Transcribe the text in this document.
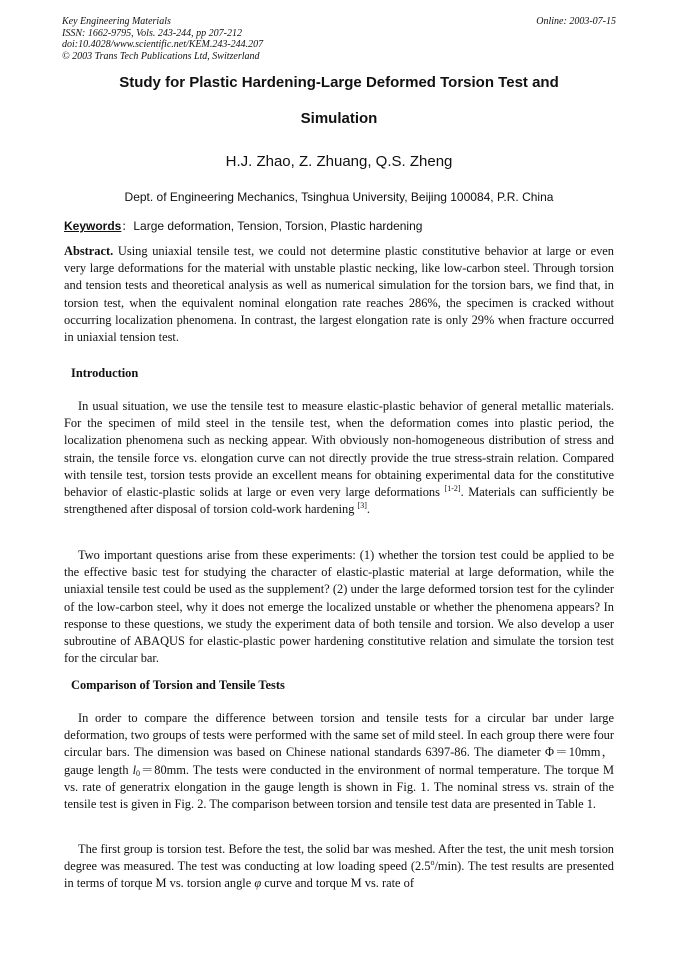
Key Engineering Materials
ISSN: 1662-9795, Vols. 243-244, pp 207-212
doi:10.4028/www.scientific.net/KEM.243-244.207
© 2003 Trans Tech Publications Ltd, Switzerland
Online: 2003-07-15
Study for Plastic Hardening-Large Deformed Torsion Test and
Simulation
H.J. Zhao, Z. Zhuang, Q.S. Zheng
Dept. of Engineering Mechanics, Tsinghua University, Beijing 100084, P.R. China
Keywords：Large deformation, Tension, Torsion, Plastic hardening
Abstract. Using uniaxial tensile test, we could not determine plastic constitutive behavior at large or even very large deformations for the material with unstable plastic necking, like low-carbon steel. Through torsion and tension tests and theoretical analysis as well as numerical simulation for the torsion bars, we find that, in torsion test, when the equivalent nominal elongation rate reaches 286%, the specimen is cracked without occurring localization phenomena. In contrast, the largest elongation rate is only 29% when fracture occurred in uniaxial tension test.
Introduction
In usual situation, we use the tensile test to measure elastic-plastic behavior of general metallic materials. For the specimen of mild steel in the tensile test, when the deformation comes into plastic period, the localization phenomena such as necking appear. With obviously non-homogeneous distribution of stress and strain, the tensile force vs. elongation curve can not directly provide the true stress-strain relation. Compared with tensile test, torsion tests provide an excellent means for obtaining experimental data for the constitutive behavior of elastic-plastic solids at large or even very large deformations [1-2]. Materials can sufficiently be strengthened after disposal of torsion cold-work hardening [3].
Two important questions arise from these experiments: (1) whether the torsion test could be applied to be the effective basic test for studying the character of elastic-plastic material at large deformation, while the uniaxial tensile test could be used as the supplement? (2) under the large deformed torsion test for the cylinder of the low-carbon steel, why it does not emerge the localized unstable or whether the phenomena appears? In response to these questions, we study the experiment data of both tensile and torsion. We also develop a user subroutine of ABAQUS for elastic-plastic power hardening constitutive relation and simulate the torsion test for the circular bar.
Comparison of Torsion and Tensile Tests
In order to compare the difference between torsion and tensile tests for a circular bar under large deformation, two groups of tests were performed with the same set of mild steel. In each group there were four circular bars. The dimension was based on Chinese national standards 6397-86. The diameter Φ＝10mm，gauge length $l_0=80mm$. The tests were conducted in the environment of normal temperature. The torque M vs. rate of generatrix elongation in the gauge length is shown in Fig. 1. The nominal stress vs. strain of the tensile test is given in Fig. 2. The comparison between torsion and tensile test data are presented in Table 1.
The first group is torsion test. Before the test, the solid bar was meshed. After the test, the unit mesh torsion degree was measured. The test was conducting at low loading speed (2.5$^o$/min). The test results are presented in terms of torque M vs. torsion angle φ curve and torque M vs. rate of
